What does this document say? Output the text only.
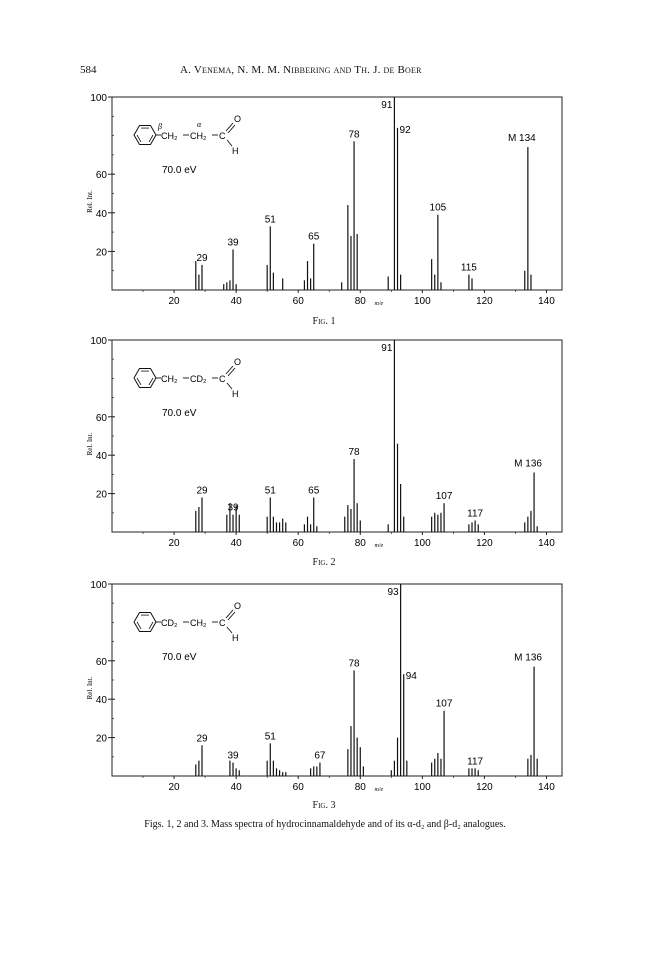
584	A. Venema, N. M. M. Nibbering and Th. J. de Boer
20
40
60
100
20	40	60	80	100	120	140
m/e
Rel. Int.
29
39
51
65
78
91
92
105
115
M 134
CH₂ CH₂ C
O
H
β	α
70.0 eV
20
40
60
100
20	40	60	80	100	120	140
m/e
Rel. Int.
29
39
51	65
78
91
107
117
M 136
CH₂ CD₂ C
O
H
70.0 eV
20
40
60
100
20	40	60	80	100	120	140
m/e
Rel. Int.
29
39
51
67
78
93
94
107
117
M 136
CD₂ CH₂ C
O
H
70.0 eV
Fig. 1
Fig. 2
Fig. 3
Figs. 1, 2 and 3. Mass spectra of hydrocinnamaldehyde and of its α-d₂ and β-d₂ analogues.
